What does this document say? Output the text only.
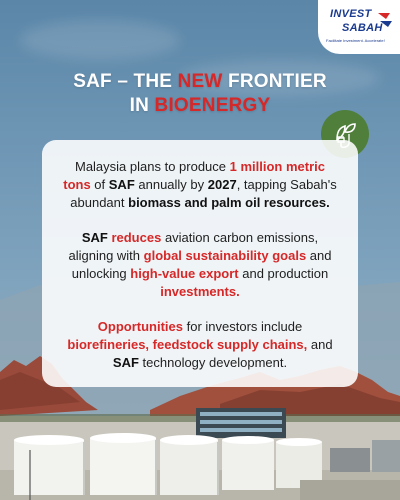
INVEST
SABAH
Facilitate Investment. Accelerate!
SAF – THE NEW FRONTIER
IN BIOENERGY
Malaysia plans to produce 1 million metric tons of SAF annually by 2027, tapping Sabah's abundant biomass and palm oil resources.
SAF reduces aviation carbon emissions, aligning with global sustainability goals and unlocking high-value export and production investments.
Opportunities for investors include biorefineries, feedstock supply chains, and SAF technology development.
